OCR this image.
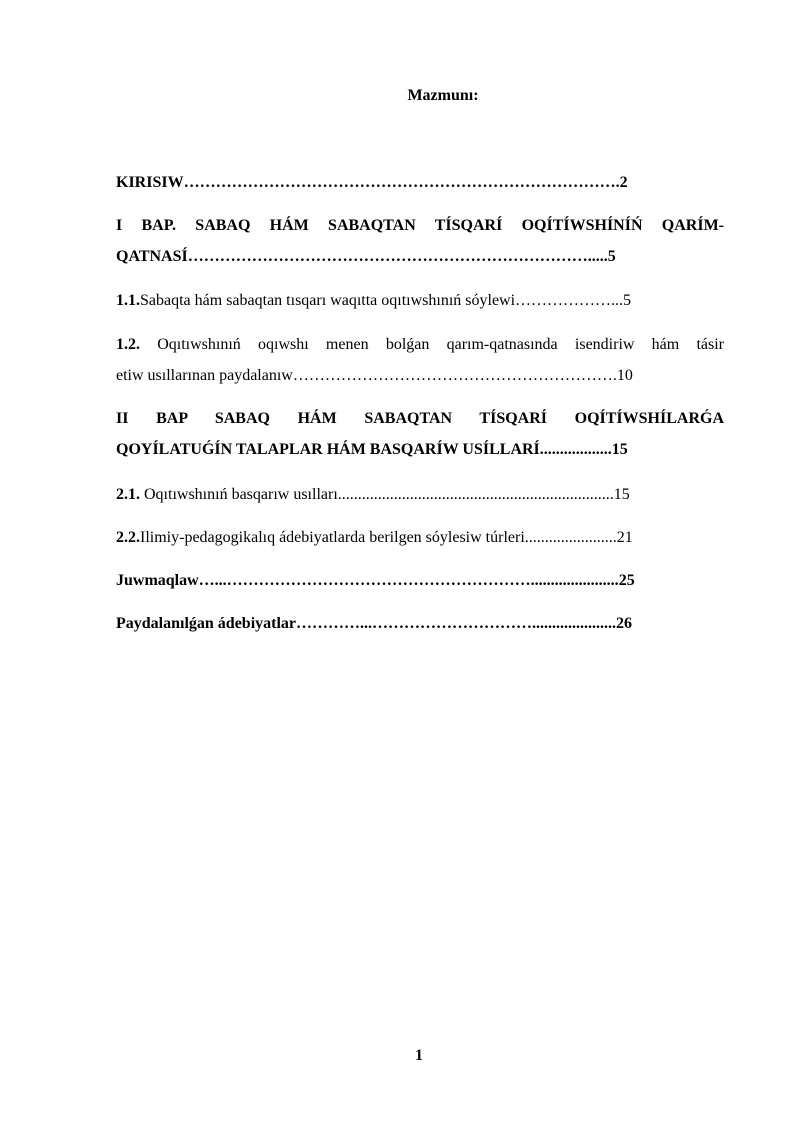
Mazmunı:
KIRISIW……………………………………………………………………….2
I BAP. SABAQ HÁM SABAQTAN TÍSQARÍ OQÍTÍWSHÍNÍŃ QARÍM-
QATNASÍ………………………………………………………………….....5
1.1.Sabaqta hám sabaqtan tısqarı waqıtta oqıtıwshınıń sóylewi………………...5
1.2. Oqıtıwshınıń oqıwshı menen bolǵan qarım-qatnasında isendiriw hám tásir
etiw usıllarınan paydalanıw…………………………………………………….10
II BAP SABAQ HÁM SABAQTAN TÍSQARÍ OQÍTÍWSHÍLARǴA
QOYÍLATUǴÍN TALAPLAR HÁM BASQARÍW USÍLLARÍ..................15
2.1. Oqıtıwshınıń basqarıw usılları.....................................................................15
2.2.Ilimiy-pedagogikalıq ádebiyatlarda berilgen sóylesiw túrleri.......................21
Juwmaqlaw…...…………………………………………………......................25
Paydalanılǵan ádebiyatlar…………...………………………….....................26
1
